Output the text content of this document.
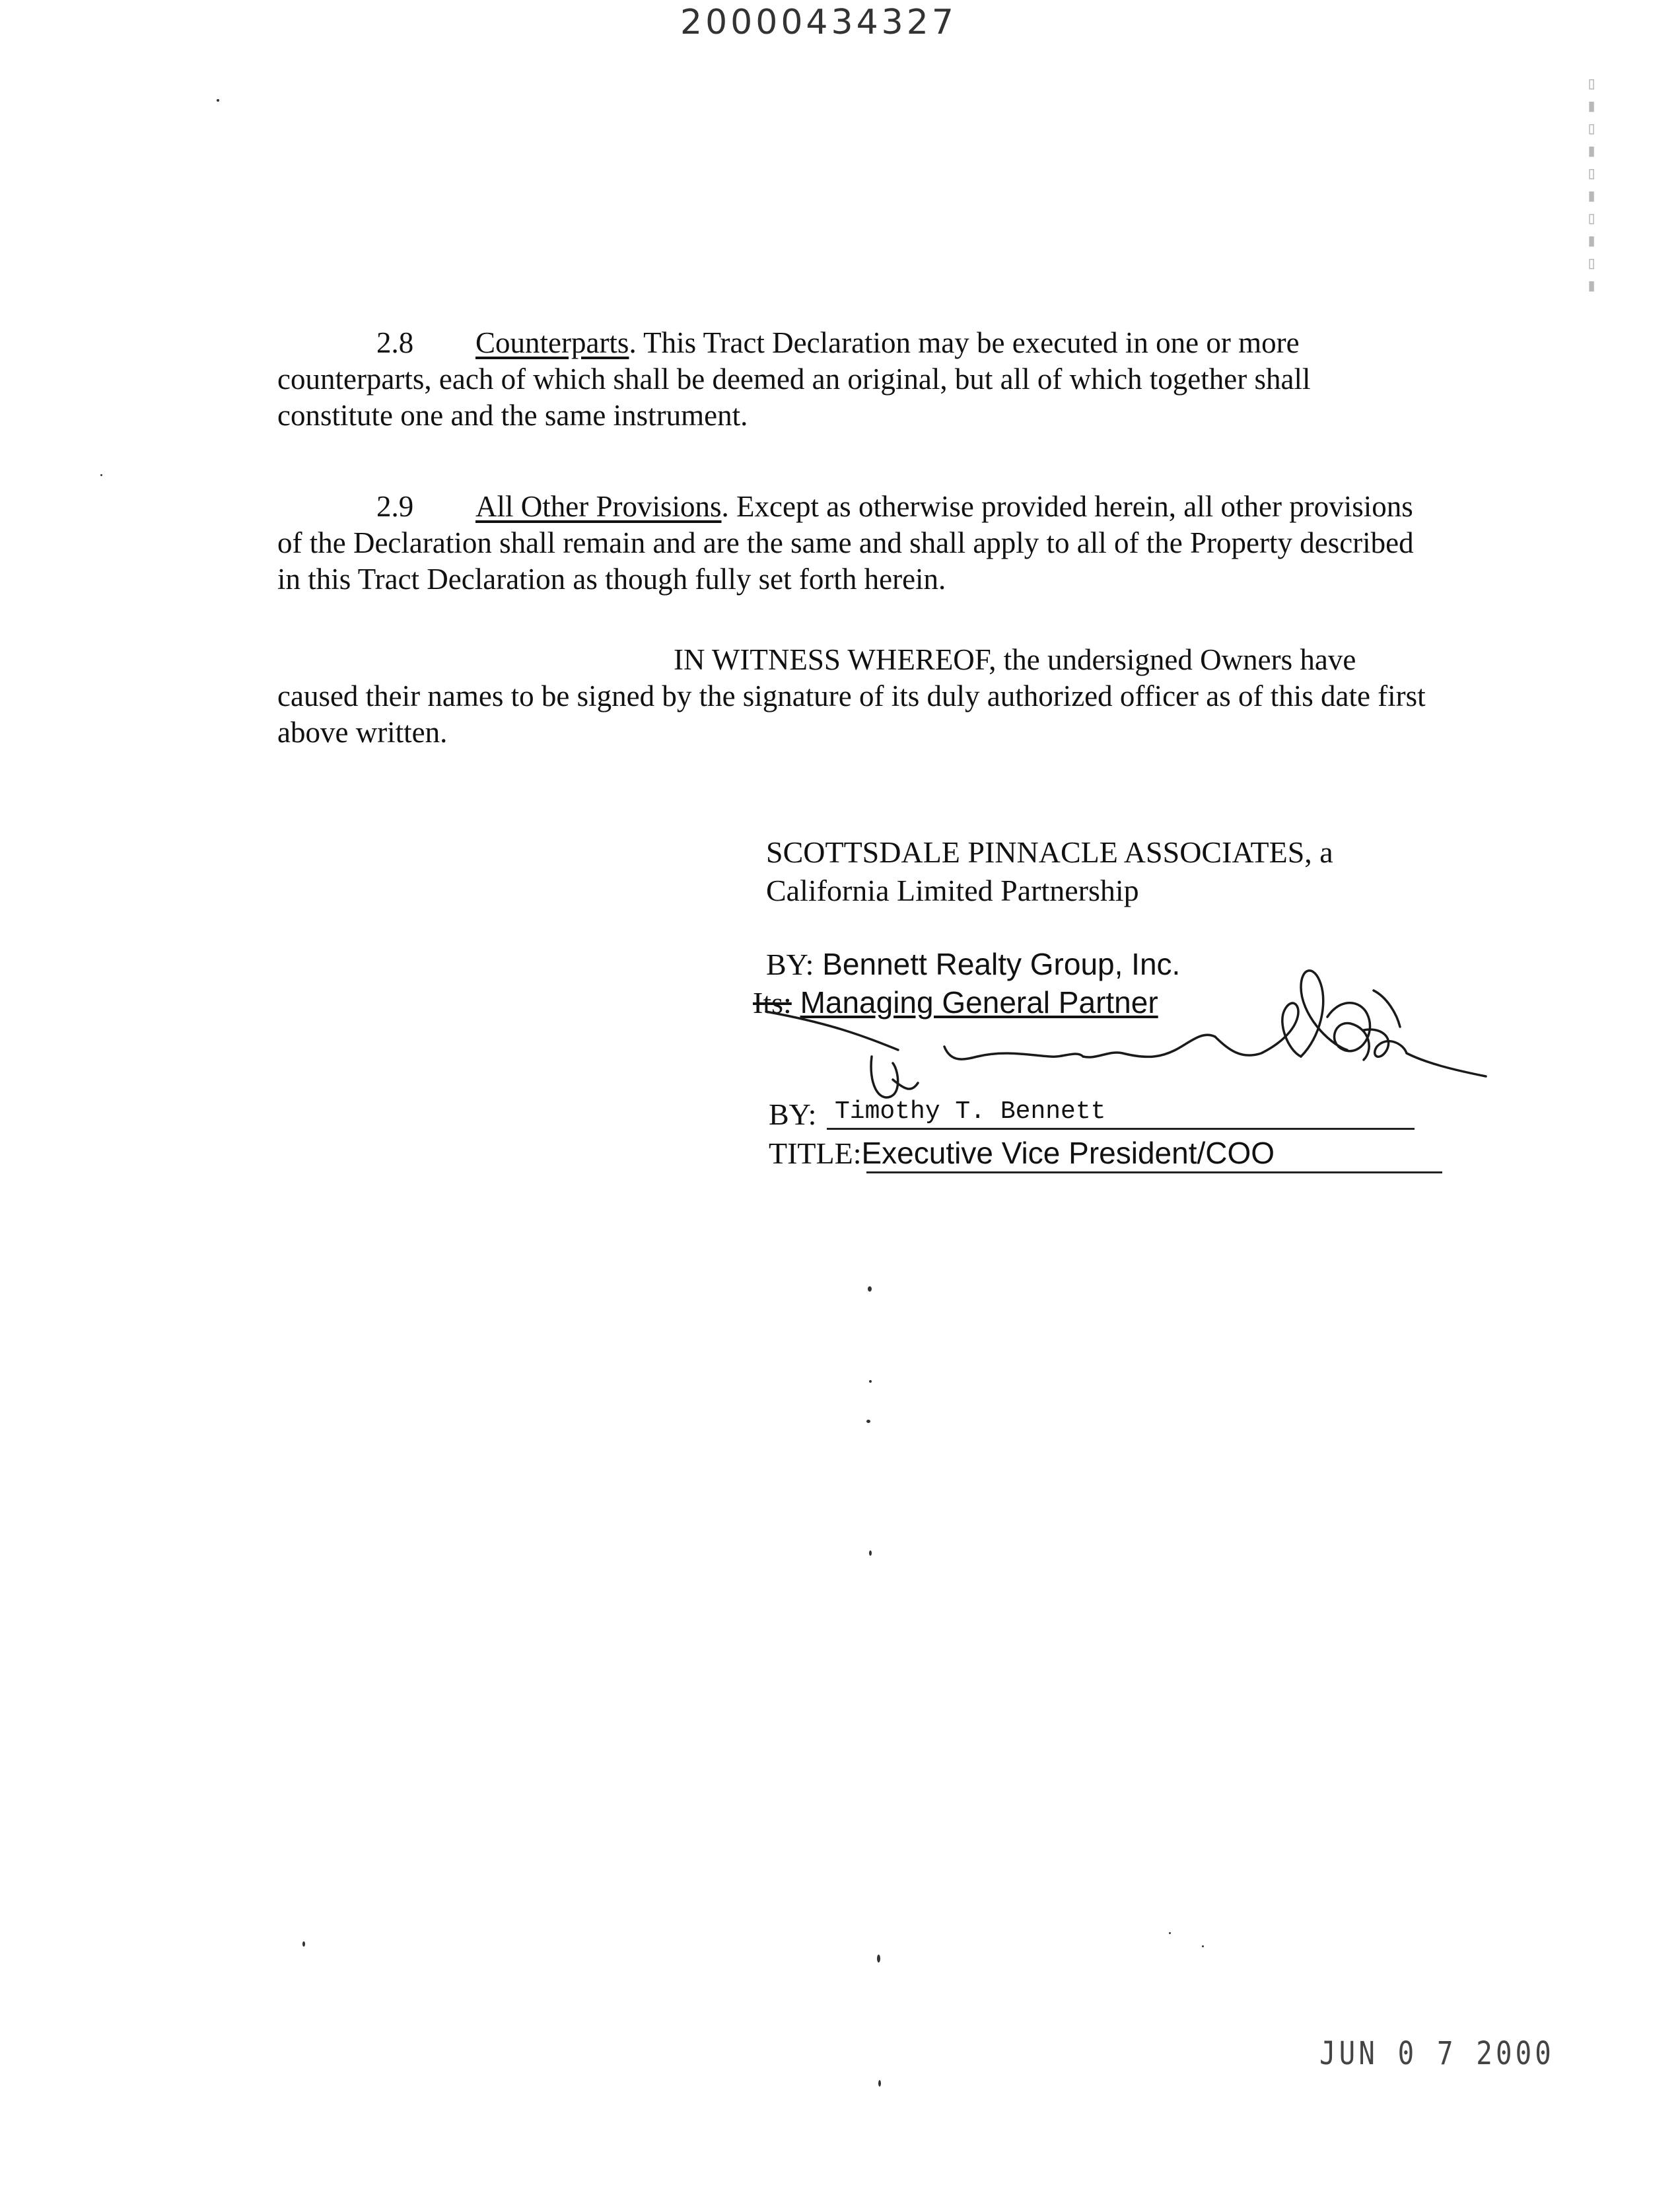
20000434327
▮▯▮▯▮▯▮▯▮▯
2.8 Counterparts. This Tract Declaration may be executed in one or more counterparts, each of which shall be deemed an original, but all of which together shall constitute one and the same instrument.
2.9 All Other Provisions. Except as otherwise provided herein, all other provisions of the Declaration shall remain and are the same and shall apply to all of the Property described in this Tract Declaration as though fully set forth herein.
IN WITNESS WHEREOF, the undersigned Owners have caused their names to be signed by the signature of its duly authorized officer as of this date first above written.
SCOTTSDALE PINNACLE ASSOCIATES, a
California Limited Partnership
BY: Bennett Realty Group, Inc.
Its: Managing General Partner
BY: Timothy T. Bennett
TITLE:Executive Vice President/COO
JUN 0 7 2000
